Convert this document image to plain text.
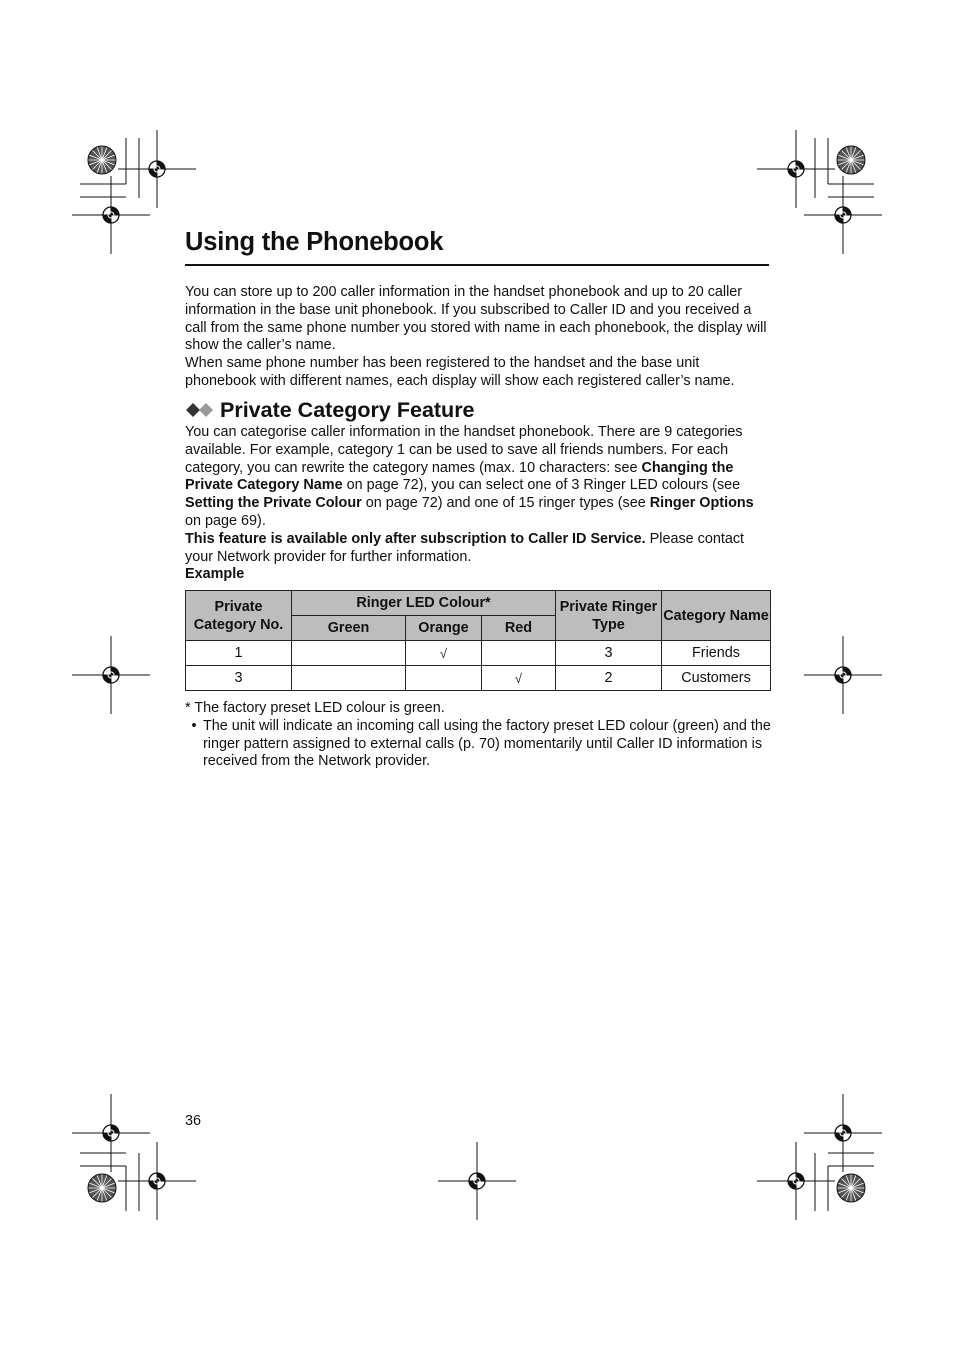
Using the Phonebook

You can store up to 200 caller information in the handset phonebook and up to 20 caller information in the base unit phonebook. If you subscribed to Caller ID and you received a call from the same phone number you stored with name in each phonebook, the display will show the caller’s name.

When same phone number has been registered to the handset and the base unit phonebook with different names, each display will show each registered caller’s name.

Private Category Feature

You can categorise caller information in the handset phonebook. There are 9 categories available. For example, category 1 can be used to save all friends numbers. For each category, you can rewrite the category names (max. 10 characters: see Changing the Private Category Name on page 72), you can select one of 3 Ringer LED colours (see Setting the Private Colour on page 72) and one of 15 ringer types (see Ringer Options on page 69).

This feature is available only after subscription to Caller ID Service. Please contact your Network provider for further information.

Example

Private Category No.	Ringer LED Colour*			Private Ringer Type	Category Name
	Green	Orange	Red		
1		√		3	Friends
3			√	2	Customers

* The factory preset LED colour is green.

• The unit will indicate an incoming call using the factory preset LED colour (green) and the ringer pattern assigned to external calls (p. 70) momentarily until Caller ID information is received from the Network provider.
36
